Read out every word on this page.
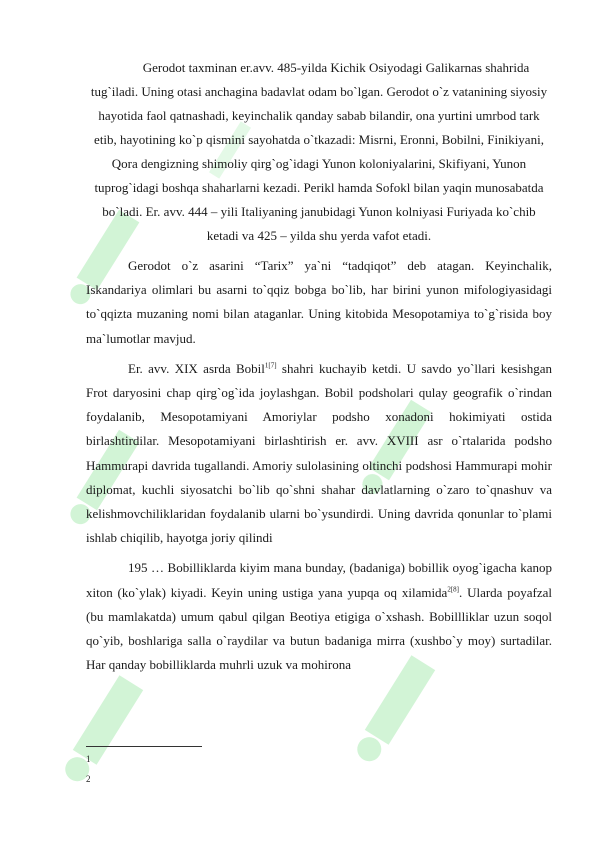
Gerodot taxminan er.avv. 485-yilda Kichik Osiyodagi Galikarnas shahrida tug`iladi. Uning otasi anchagina badavlat odam bo`lgan. Gerodot o`z vatanining siyosiy hayotida faol qatnashadi, keyinchalik qanday sabab bilandir, ona yurtini umrbod tark etib, hayotining ko`p qismini sayohatda o`tkazadi: Misrni, Eronni, Bobilni, Finikiyani, Qora dengizning shimoliy qirg`og`idagi Yunon koloniyalarini, Skifiyani, Yunon tuprog`idagi boshqa shaharlarni kezadi. Perikl hamda Sofokl bilan yaqin munosabatda bo`ladi. Er. avv. 444 – yili Italiyaning janubidagi Yunon kolniyasi Furiyada ko`chib ketadi va 425 – yilda shu yerda vafot etadi.

Gerodot o`z asarini “Tarix” ya`ni “tadqiqot” deb atagan. Keyinchalik, Iskandariya olimlari bu asarni to`qqiz bobga bo`lib, har birini yunon mifologiyasidagi to`qqizta muzaning nomi bilan ataganlar. Uning kitobida Mesopotamiya to`g`risida boy ma`lumotlar mavjud.

Er. avv. XIX asrda Bobil$^{1[7]}$ shahri kuchayib ketdi. U savdo yo`llari kesishgan Frot daryosini chap qirg`og`ida joylashgan. Bobil podsholari qulay geografik o`rindan foydalanib, Mesopotamiyani Amoriylar podsho xonadoni hokimiyati ostida birlashtirdilar. Mesopotamiyani birlashtirish er. avv. XVIII asr o`rtalarida podsho Hammurapi davrida tugallandi. Amoriy sulolasining oltinchi podshosi Hammurapi mohir diplomat, kuchli siyosatchi bo`lib qo`shni shahar davlatlarning o`zaro to`qnashuv va kelishmovchiliklaridan foydalanib ularni bo`ysundirdi. Uning davrida qonunlar to`plami ishlab chiqilib, hayotga joriy qilindi

195 … Bobilliklarda kiyim mana bunday, (badaniga) bobillik oyog`igacha kanop xiton (ko`ylak) kiyadi. Keyin uning ustiga yana yupqa oq xilamida$^{2[8]}$. Ularda poyafzal (bu mamlakatda) umum qabul qilgan Beotiya etigiga o`xshash. Bobillliklar uzun soqol qo`yib, boshlariga salla o`raydilar va butun badaniga mirra (xushbo`y moy) surtadilar. Har qanday bobilliklarda muhrli uzuk va mohirona

1
2
